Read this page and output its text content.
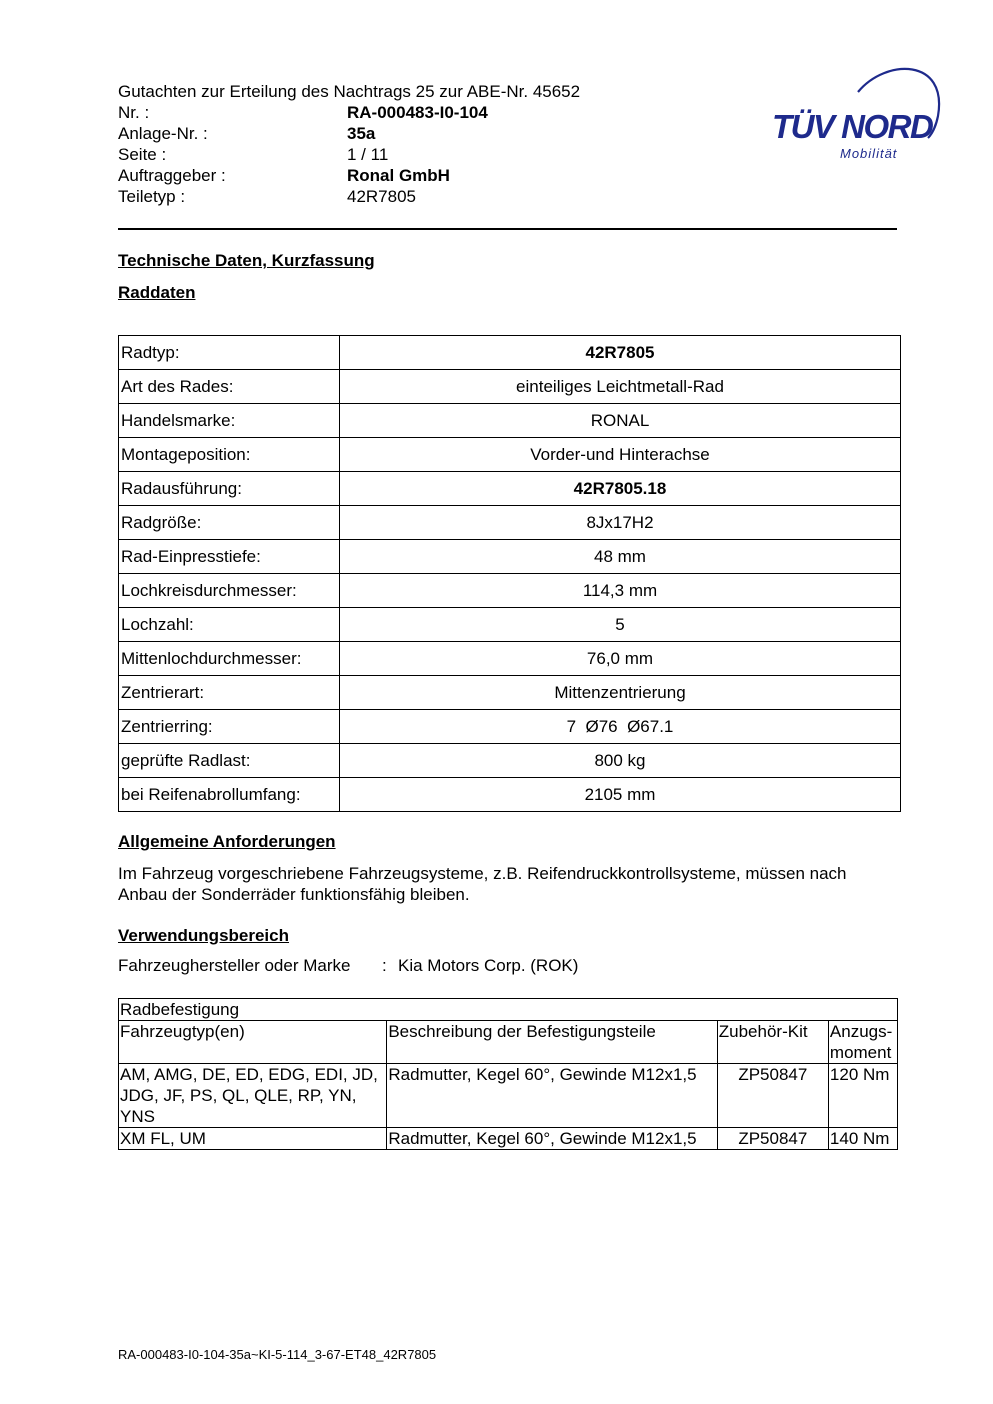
Gutachten zur Erteilung des Nachtrags 25 zur ABE-Nr. 45652
Nr. :	RA-000483-I0-104
Anlage-Nr. :	35a
Seite :	1 / 11
Auftraggeber :	Ronal GmbH
Teiletyp :	42R7805
TÜV NORD
Mobilität
Technische Daten, Kurzfassung
Raddaten
Radtyp:	42R7805
Art des Rades:	einteiliges Leichtmetall-Rad
Handelsmarke:	RONAL
Montageposition:	Vorder-und Hinterachse
Radausführung:	42R7805.18
Radgröße:	8Jx17H2
Rad-Einpresstiefe:	48 mm
Lochkreisdurchmesser:	114,3 mm
Lochzahl:	5
Mittenlochdurchmesser:	76,0 mm
Zentrierart:	Mittenzentrierung
Zentrierring:	7  Ø76  Ø67.1
geprüfte Radlast:	800 kg
bei Reifenabrollumfang:	2105 mm
Allgemeine Anforderungen
Im Fahrzeug vorgeschriebene Fahrzeugsysteme, z.B. Reifendruckkontrollsysteme, müssen nach Anbau der Sonderräder funktionsfähig bleiben.
Verwendungsbereich
Fahrzeughersteller oder Marke	: Kia Motors Corp. (ROK)
Radbefestigung			
Fahrzeugtyp(en)	Beschreibung der Befestigungsteile	Zubehör-Kit	Anzugs-moment
AM, AMG, DE, ED, EDG, EDI, JD, JDG, JF, PS, QL, QLE, RP, YN, YNS	Radmutter, Kegel 60°, Gewinde M12x1,5	ZP50847	120 Nm
XM FL, UM	Radmutter, Kegel 60°, Gewinde M12x1,5	ZP50847	140 Nm
RA-000483-I0-104-35a~KI-5-114_3-67-ET48_42R7805
